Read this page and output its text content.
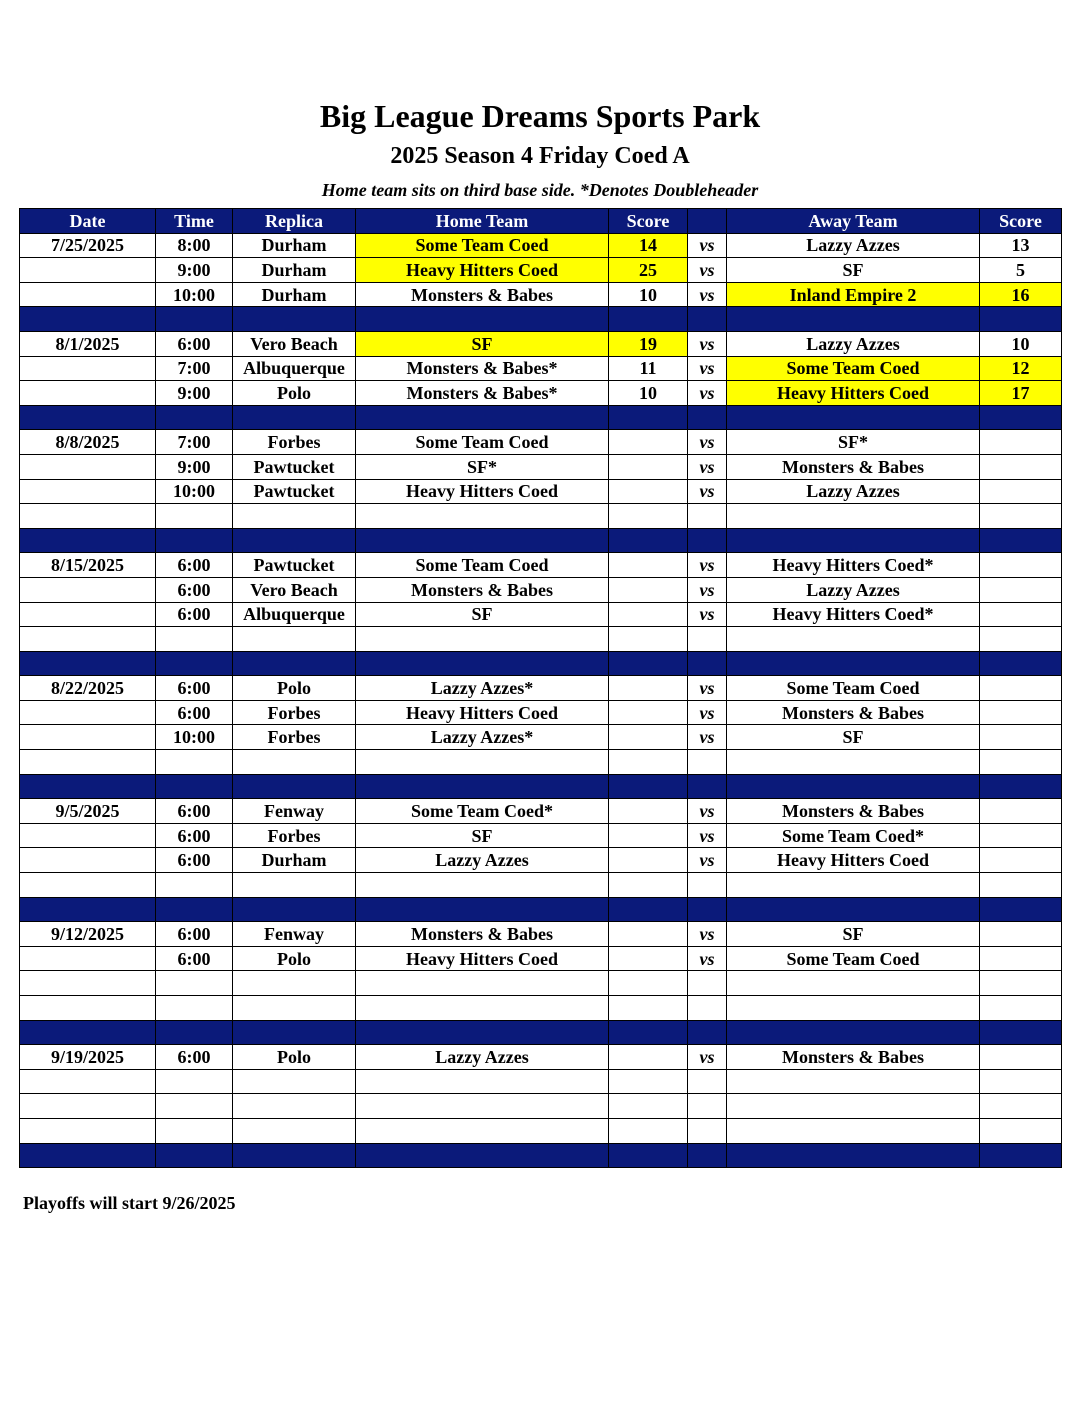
Big League Dreams Sports Park
2025 Season 4 Friday Coed A
Home team sits on third base side. *Denotes Doubleheader
Date	Time	Replica	Home Team	Score		Away Team	Score
7/25/2025	8:00	Durham	Some Team Coed	14	vs	Lazzy Azzes	13
	9:00	Durham	Heavy Hitters Coed	25	vs	SF	5
	10:00	Durham	Monsters & Babes	10	vs	Inland Empire 2	16

8/1/2025	6:00	Vero Beach	SF	19	vs	Lazzy Azzes	10
	7:00	Albuquerque	Monsters & Babes*	11	vs	Some Team Coed	12
	9:00	Polo	Monsters & Babes*	10	vs	Heavy Hitters Coed	17

8/8/2025	7:00	Forbes	Some Team Coed		vs	SF*	
	9:00	Pawtucket	SF*		vs	Monsters & Babes	
	10:00	Pawtucket	Heavy Hitters Coed		vs	Lazzy Azzes	

8/15/2025	6:00	Pawtucket	Some Team Coed		vs	Heavy Hitters Coed*	
	6:00	Vero Beach	Monsters & Babes		vs	Lazzy Azzes	
	6:00	Albuquerque	SF		vs	Heavy Hitters Coed*	

8/22/2025	6:00	Polo	Lazzy Azzes*		vs	Some Team Coed	
	6:00	Forbes	Heavy Hitters Coed		vs	Monsters & Babes	
	10:00	Forbes	Lazzy Azzes*		vs	SF	

9/5/2025	6:00	Fenway	Some Team Coed*		vs	Monsters & Babes	
	6:00	Forbes	SF		vs	Some Team Coed*	
	6:00	Durham	Lazzy Azzes		vs	Heavy Hitters Coed	

9/12/2025	6:00	Fenway	Monsters & Babes		vs	SF	
	6:00	Polo	Heavy Hitters Coed		vs	Some Team Coed	

9/19/2025	6:00	Polo	Lazzy Azzes		vs	Monsters & Babes	

Playoffs will start 9/26/2025
